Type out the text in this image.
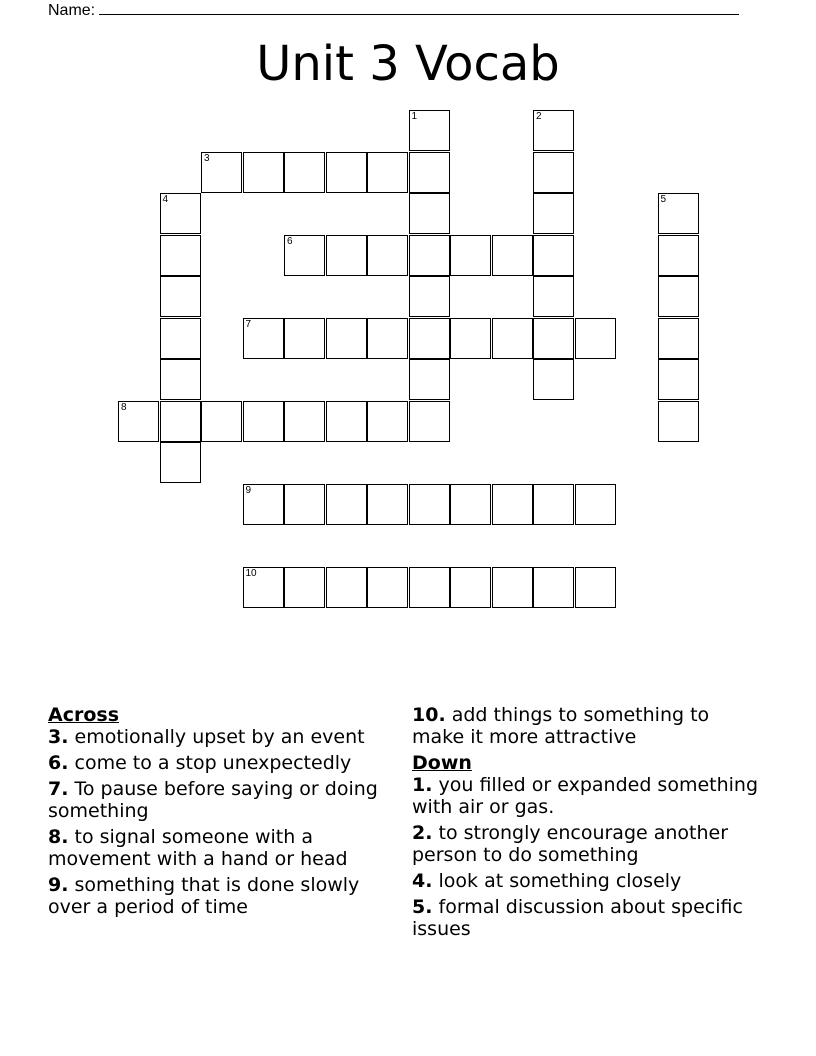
Name:
Unit 3 Vocab
1	2
3
4	5
6
7
8
9
10
Across
3. emotionally upset by an event
6. come to a stop unexpectedly
7. To pause before saying or doing something
8. to signal someone with a movement with a hand or head
9. something that is done slowly over a period of time
10. add things to something to make it more attractive
Down
1. you filled or expanded something with air or gas.
2. to strongly encourage another person to do something
4. look at something closely
5. formal discussion about specific issues
